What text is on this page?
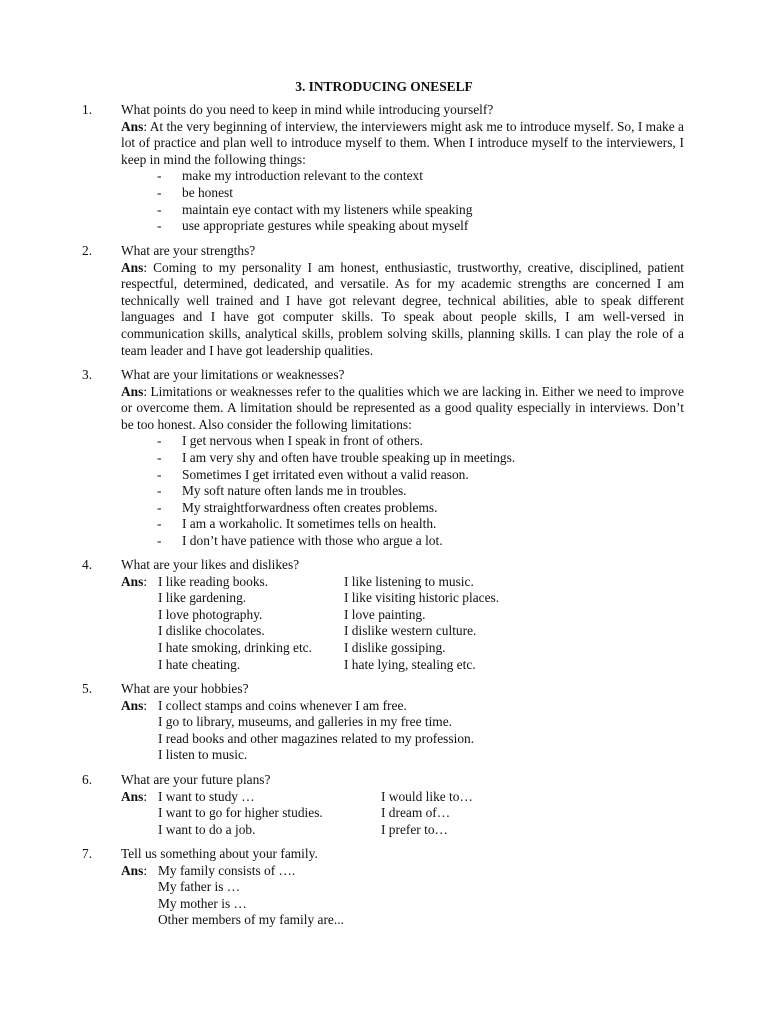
3. INTRODUCING ONESELF
1. What points do you need to keep in mind while introducing yourself?
Ans: At the very beginning of interview, the interviewers might ask me to introduce myself. So, I make a lot of practice and plan well to introduce myself to them. When I introduce myself to the interviewers, I keep in mind the following things:
- make my introduction relevant to the context
- be honest
- maintain eye contact with my listeners while speaking
- use appropriate gestures while speaking about myself
2. What are your strengths?
Ans: Coming to my personality I am honest, enthusiastic, trustworthy, creative, disciplined, patient respectful, determined, dedicated, and versatile. As for my academic strengths are concerned I am technically well trained and I have got relevant degree, technical abilities, able to speak different languages and I have got computer skills. To speak about people skills, I am well-versed in communication skills, analytical skills, problem solving skills, planning skills. I can play the role of a team leader and I have got leadership qualities.
3. What are your limitations or weaknesses?
Ans: Limitations or weaknesses refer to the qualities which we are lacking in. Either we need to improve or overcome them. A limitation should be represented as a good quality especially in interviews. Don’t be too honest. Also consider the following limitations:
- I get nervous when I speak in front of others.
- I am very shy and often have trouble speaking up in meetings.
- Sometimes I get irritated even without a valid reason.
- My soft nature often lands me in troubles.
- My straightforwardness often creates problems.
- I am a workaholic. It sometimes tells on health.
- I don’t have patience with those who argue a lot.
4. What are your likes and dislikes?
Ans: I like reading books.	I like listening to music.
I like gardening.	I like visiting historic places.
I love photography.	I love painting.
I dislike chocolates.	I dislike western culture.
I hate smoking, drinking etc.	I dislike gossiping.
I hate cheating.	I hate lying, stealing etc.
5. What are your hobbies?
Ans: I collect stamps and coins whenever I am free.
I go to library, museums, and galleries in my free time.
I read books and other magazines related to my profession.
I listen to music.
6. What are your future plans?
Ans: I want to study …	I would like to…
I want to go for higher studies.	I dream of…
I want to do a job.	I prefer to…
7. Tell us something about your family.
Ans: My family consists of ….
My father is …
My mother is …
Other members of my family are...
